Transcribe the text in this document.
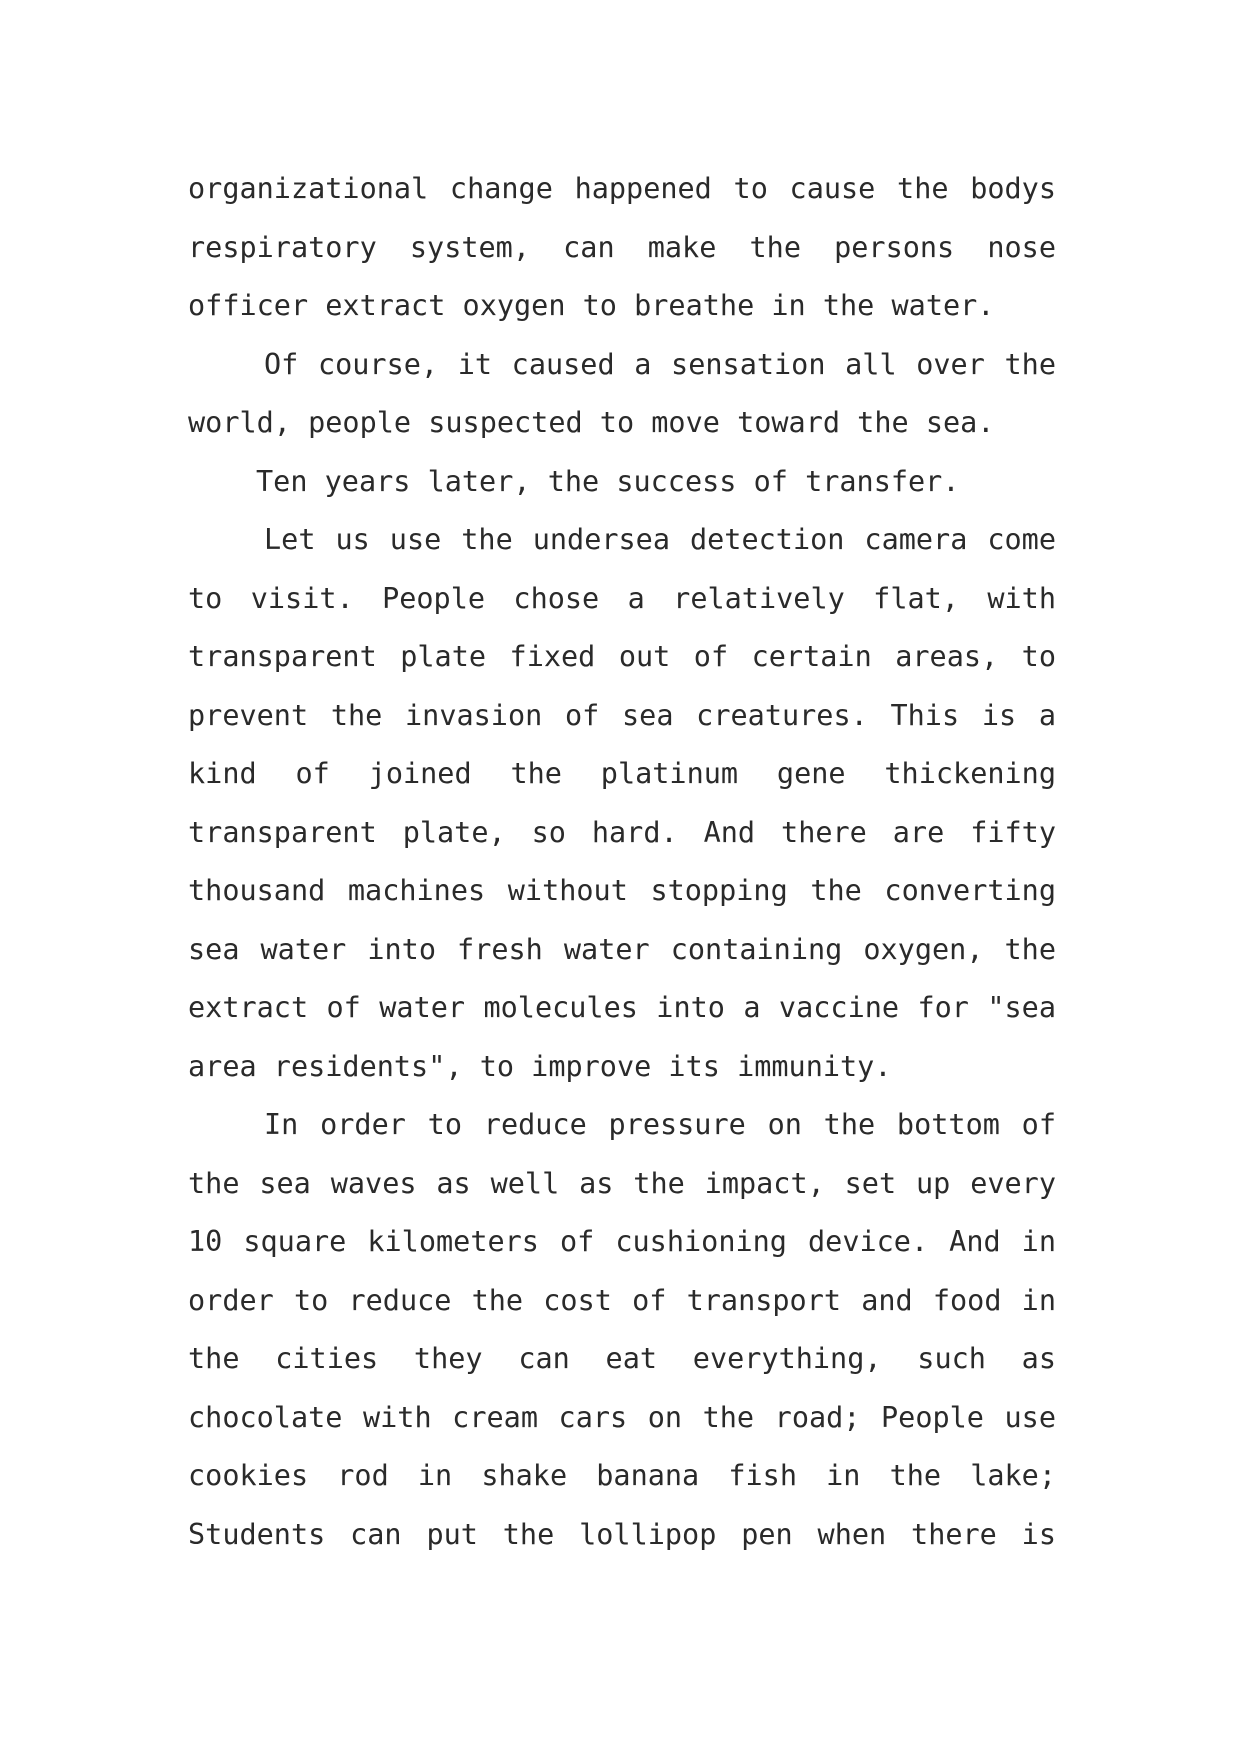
organizational change happened to cause the bodys
respiratory system, can make the persons nose
officer extract oxygen to breathe in the water.
Of course, it caused a sensation all over the
world, people suspected to move toward the sea.
Ten years later, the success of transfer.
Let us use the undersea detection camera come
to visit. People chose a relatively flat, with
transparent plate fixed out of certain areas, to
prevent the invasion of sea creatures. This is a
kind of joined the platinum gene thickening
transparent plate, so hard. And there are fifty
thousand machines without stopping the converting
sea water into fresh water containing oxygen, the
extract of water molecules into a vaccine for "sea
area residents", to improve its immunity.
In order to reduce pressure on the bottom of
the sea waves as well as the impact, set up every
10 square kilometers of cushioning device. And in
order to reduce the cost of transport and food in
the cities they can eat everything, such as
chocolate with cream cars on the road; People use
cookies rod in shake banana fish in the lake;
Students can put the lollipop pen when there is
